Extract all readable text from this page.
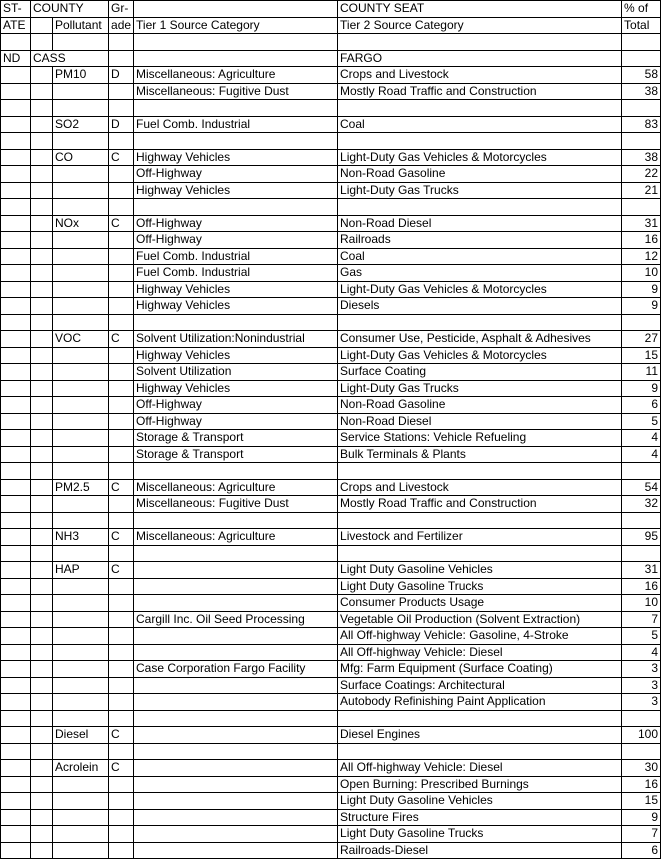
ST-	COUNTY		Gr-		COUNTY SEAT	% of
ATE		Pollutant	ade	Tier 1 Source Category	Tier 2 Source Category	Total

ND	CASS				FARGO	
		PM10	D	Miscellaneous: Agriculture	Crops and Livestock	58
				Miscellaneous: Fugitive Dust	Mostly Road Traffic and Construction	38

		SO2	D	Fuel Comb. Industrial	Coal	83

		CO	C	Highway Vehicles	Light-Duty Gas Vehicles & Motorcycles	38
				Off-Highway	Non-Road Gasoline	22
				Highway Vehicles	Light-Duty Gas Trucks	21

		NOx	C	Off-Highway	Non-Road Diesel	31
				Off-Highway	Railroads	16
				Fuel Comb. Industrial	Coal	12
				Fuel Comb. Industrial	Gas	10
				Highway Vehicles	Light-Duty Gas Vehicles & Motorcycles	9
				Highway Vehicles	Diesels	9

		VOC	C	Solvent Utilization:Nonindustrial	Consumer Use, Pesticide, Asphalt & Adhesives	27
				Highway Vehicles	Light-Duty Gas Vehicles & Motorcycles	15
				Solvent Utilization	Surface Coating	11
				Highway Vehicles	Light-Duty Gas Trucks	9
				Off-Highway	Non-Road Gasoline	6
				Off-Highway	Non-Road Diesel	5
				Storage & Transport	Service Stations: Vehicle Refueling	4
				Storage & Transport	Bulk Terminals & Plants	4

		PM2.5	C	Miscellaneous: Agriculture	Crops and Livestock	54
				Miscellaneous: Fugitive Dust	Mostly Road Traffic and Construction	32

		NH3	C	Miscellaneous: Agriculture	Livestock and Fertilizer	95

		HAP	C		Light Duty Gasoline Vehicles	31
					Light Duty Gasoline Trucks	16
					Consumer Products Usage	10
				Cargill Inc. Oil Seed Processing	Vegetable Oil Production (Solvent Extraction)	7
					All Off-highway Vehicle: Gasoline, 4-Stroke	5
					All Off-highway Vehicle: Diesel	4
				Case Corporation Fargo Facility	Mfg: Farm Equipment (Surface Coating)	3
					Surface Coatings: Architectural	3
					Autobody Refinishing Paint Application	3

		Diesel	C		Diesel Engines	100

		Acrolein	C		All Off-highway Vehicle: Diesel	30
					Open Burning: Prescribed Burnings	16
					Light Duty Gasoline Vehicles	15
					Structure Fires	9
					Light Duty Gasoline Trucks	7
					Railroads-Diesel	6
